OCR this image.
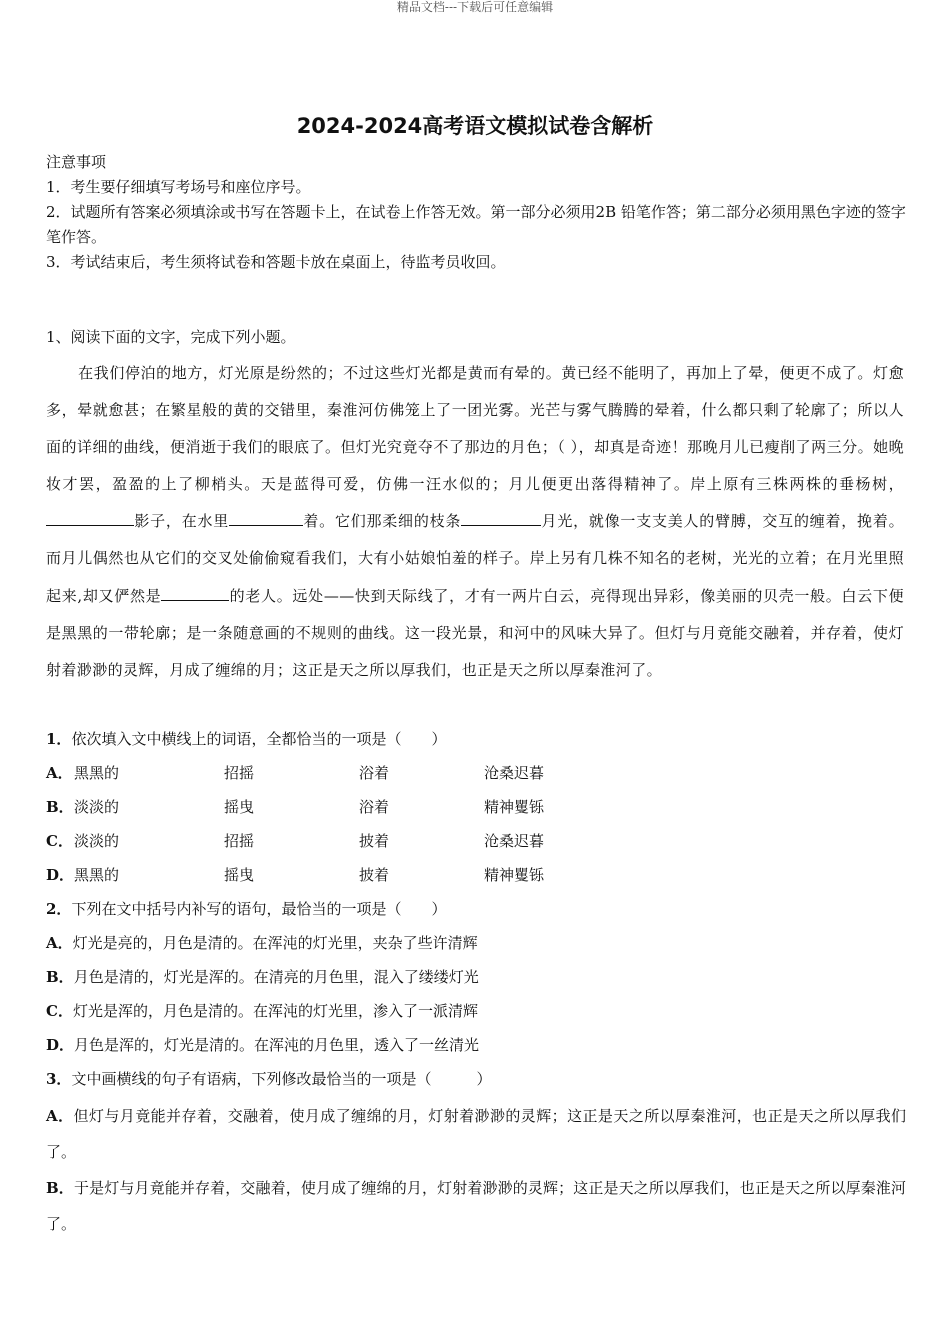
精品文档---下载后可任意编辑
2024-2024高考语文模拟试卷含解析

注意事项

1．考生要仔细填写考场号和座位序号。

2．试题所有答案必须填涂或书写在答题卡上，在试卷上作答无效。第一部分必须用2B 铅笔作答；第二部分必须用黑色字迹的签字笔作答。

3．考试结束后，考生须将试卷和答题卡放在桌面上，待监考员收回。

1、阅读下面的文字，完成下列小题。
在我们停泊的地方，灯光原是纷然的；不过这些灯光都是黄而有晕的。黄已经不能明了，再加上了晕，便更不成了。灯愈多，晕就愈甚；在繁星般的黄的交错里，秦淮河仿佛笼上了一团光雾。光芒与雾气腾腾的晕着，什么都只剩了轮廓了；所以人面的详细的曲线，便消逝于我们的眼底了。但灯光究竟夺不了那边的月色；（ ），却真是奇迹！那晚月儿已瘦削了两三分。她晚妆才罢，盈盈的上了柳梢头。天是蓝得可爱，仿佛一汪水似的；月儿便更出落得精神了。岸上原有三株两株的垂杨树，影子，在水里	着。它们那柔细的枝条	月光，就像一支支美人的臂膊，交互的缠着，挽着。而月儿偶然也从它们的交叉处偷偷窥看我们，大有小姑娘怕羞的样子。岸上另有几株不知名的老树，光光的立着；在月光里照起来,却又俨然是	的老人。远处——快到天际线了，才有一两片白云，亮得现出异彩，像美丽的贝壳一般。白云下便是黑黑的一带轮廓；是一条随意画的不规则的曲线。这一段光景，和河中的风味大异了。但灯与月竟能交融着，并存着，使灯射着渺渺的灵辉，月成了缠绵的月；这正是天之所以厚我们，也正是天之所以厚秦淮河了。
1．依次填入文中横线上的词语，全都恰当的一项是（　　）
A． 黑黑的	招摇	浴着	沧桑迟暮
B． 淡淡的	摇曳	浴着	精神矍铄
C． 淡淡的	招摇	披着	沧桑迟暮
D． 黑黑的	摇曳	披着	精神矍铄
2．下列在文中括号内补写的语句，最恰当的一项是（　　）
A．灯光是亮的，月色是清的。在浑沌的灯光里，夹杂了些许清辉
B．月色是清的，灯光是浑的。在清亮的月色里，混入了缕缕灯光
C．灯光是浑的，月色是清的。在浑沌的灯光里，渗入了一派清辉
D．月色是浑的，灯光是清的。在浑沌的月色里，透入了一丝清光
3．文中画横线的句子有语病，下列修改最恰当的一项是（　　　）
A．但灯与月竟能并存着，交融着，使月成了缠绵的月，灯射着渺渺的灵辉；这正是天之所以厚秦淮河，也正是天之所以厚我们了。
B．于是灯与月竟能并存着，交融着，使月成了缠绵的月，灯射着渺渺的灵辉；这正是天之所以厚我们，也正是天之所以厚秦淮河了。
